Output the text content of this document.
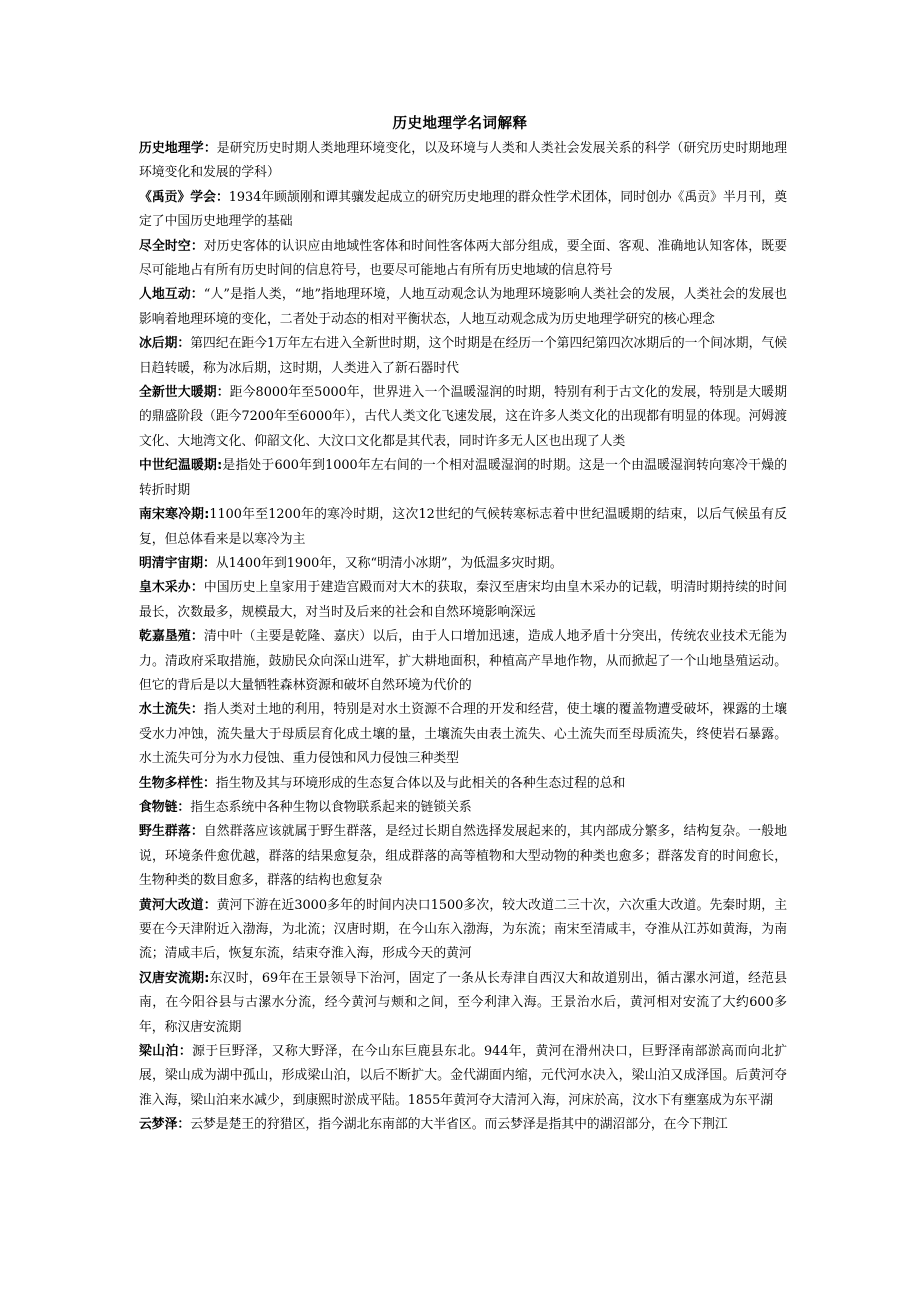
历史地理学名词解释

历史地理学：是研究历史时期人类地理环境变化，以及环境与人类和人类社会发展关系的科学（研究历史时期地理环境变化和发展的学科）

《禹贡》学会：1934年顾颉刚和谭其骧发起成立的研究历史地理的群众性学术团体，同时创办《禹贡》半月刊，奠定了中国历史地理学的基础

尽全时空：对历史客体的认识应由地域性客体和时间性客体两大部分组成，要全面、客观、准确地认知客体，既要尽可能地占有所有历史时间的信息符号，也要尽可能地占有所有历史地域的信息符号

人地互动：“人”是指人类，“地”指地理环境，人地互动观念认为地理环境影响人类社会的发展，人类社会的发展也影响着地理环境的变化，二者处于动态的相对平衡状态，人地互动观念成为历史地理学研究的核心理念

冰后期：第四纪在距今1万年左右进入全新世时期，这个时期是在经历一个第四纪第四次冰期后的一个间冰期，气候日趋转暖，称为冰后期，这时期，人类进入了新石器时代

全新世大暖期：距今8000年至5000年，世界进入一个温暖湿润的时期，特别有利于古文化的发展，特别是大暖期的鼎盛阶段（距今7200年至6000年），古代人类文化飞速发展，这在许多人类文化的出现都有明显的体现。河姆渡文化、大地湾文化、仰韶文化、大汶口文化都是其代表，同时许多无人区也出现了人类

中世纪温暖期:是指处于600年到1000年左右间的一个相对温暖湿润的时期。这是一个由温暖湿润转向寒冷干燥的转折时期

南宋寒冷期:1100年至1200年的寒冷时期，这次12世纪的气候转寒标志着中世纪温暖期的结束，以后气候虽有反复，但总体看来是以寒冷为主

明清宇宙期：从1400年到1900年，又称“明清小冰期”，为低温多灾时期。

皇木采办：中国历史上皇家用于建造宫殿而对大木的获取，秦汉至唐宋均由皇木采办的记载，明清时期持续的时间最长，次数最多，规模最大，对当时及后来的社会和自然环境影响深远

乾嘉垦殖：清中叶（主要是乾隆、嘉庆）以后，由于人口增加迅速，造成人地矛盾十分突出，传统农业技术无能为力。清政府采取措施，鼓励民众向深山进军，扩大耕地面积，种植高产旱地作物，从而掀起了一个山地垦殖运动。但它的背后是以大量牺牲森林资源和破坏自然环境为代价的

水土流失：指人类对土地的利用，特别是对水土资源不合理的开发和经营，使土壤的覆盖物遭受破坏，裸露的土壤受水力冲蚀，流失量大于母质层育化成土壤的量，土壤流失由表土流失、心土流失而至母质流失，终使岩石暴露。水土流失可分为水力侵蚀、重力侵蚀和风力侵蚀三种类型

生物多样性：指生物及其与环境形成的生态复合体以及与此相关的各种生态过程的总和

食物链：指生态系统中各种生物以食物联系起来的链锁关系

野生群落：自然群落应该就属于野生群落，是经过长期自然选择发展起来的，其内部成分繁多，结构复杂。一般地说，环境条件愈优越，群落的结果愈复杂，组成群落的高等植物和大型动物的种类也愈多；群落发育的时间愈长，生物种类的数目愈多，群落的结构也愈复杂

黄河大改道：黄河下游在近3000多年的时间内决口1500多次，较大改道二三十次，六次重大改道。先秦时期，主要在今天津附近入渤海，为北流；汉唐时期，在今山东入渤海，为东流；南宋至清咸丰，夺淮从江苏如黄海，为南流；清咸丰后，恢复东流，结束夺淮入海，形成今天的黄河

汉唐安流期:东汉时，69年在王景领导下治河，固定了一条从长寿津自西汉大和故道别出，循古漯水河道，经范县南，在今阳谷县与古漯水分流，经今黄河与颊和之间，至今利津入海。王景治水后，黄河相对安流了大约600多年，称汉唐安流期

梁山泊：源于巨野泽，又称大野泽，在今山东巨鹿县东北。944年，黄河在滑州决口，巨野泽南部淤高而向北扩展，梁山成为湖中孤山，形成梁山泊，以后不断扩大。金代湖面内缩，元代河水决入，梁山泊又成泽国。后黄河夺淮入海，梁山泊来水减少，到康熙时淤成平陆。1855年黄河夺大清河入海，河床於高，汶水下有壅塞成为东平湖

云梦泽：云梦是楚王的狩猎区，指今湖北东南部的大半省区。而云梦泽是指其中的湖沼部分，在今下荆江
